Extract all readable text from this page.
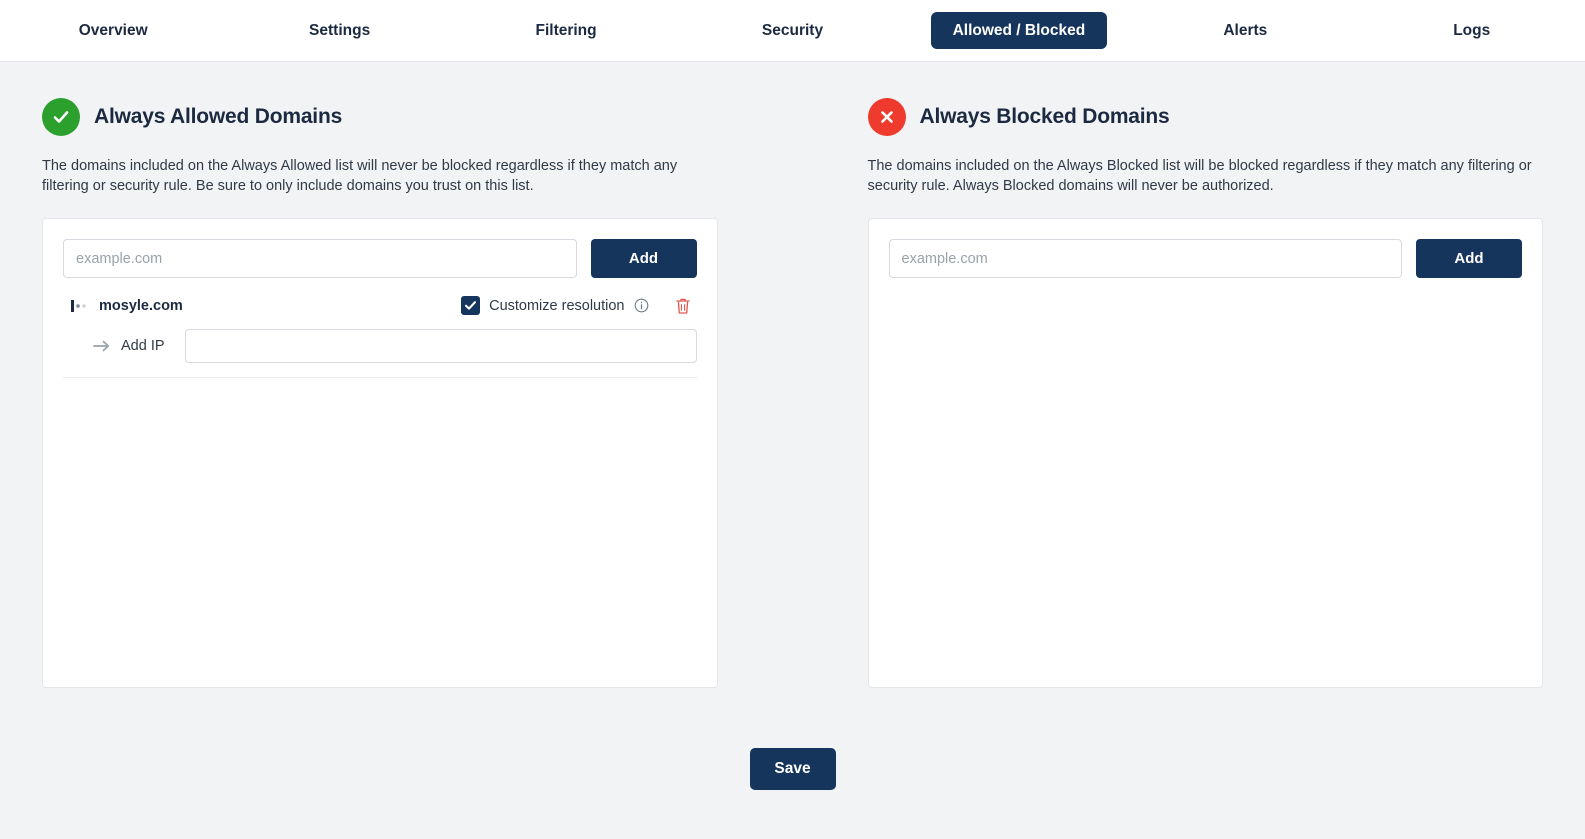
Overview	Settings	Filtering	Security	Allowed / Blocked	Alerts	Logs
Always Allowed Domains
The domains included on the Always Allowed list will never be blocked regardless if they match any filtering or security rule. Be sure to only include domains you trust on this list.
example.com
Add
mosyle.com	Customize resolution
Add IP
Always Blocked Domains
The domains included on the Always Blocked list will be blocked regardless if they match any filtering or security rule. Always Blocked domains will never be authorized.
example.com
Add
Save
